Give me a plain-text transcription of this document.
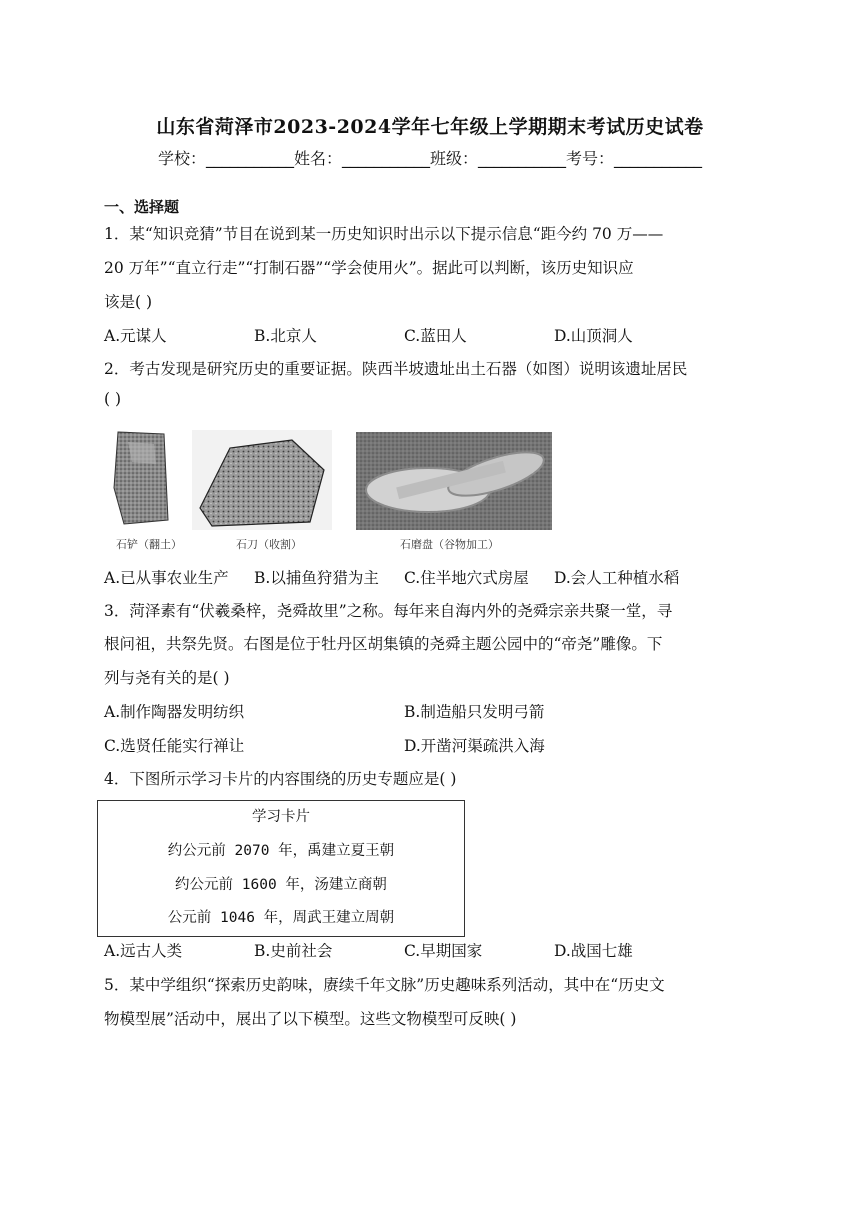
山东省菏泽市2023-2024学年七年级上学期期末考试历史试卷
学校：___________姓名：___________班级：___________考号：___________
一、选择题
1．某“知识竞猜”节目在说到某一历史知识时出示以下提示信息“距今约 70 万——
20 万年”“直立行走”“打制石器”“学会使用火”。据此可以判断，该历史知识应
该是( )
A.元谋人	B.北京人	C.蓝田人	D.山顶洞人
2．考古发现是研究历史的重要证据。陕西半坡遗址出土石器（如图）说明该遗址居民
( )
石铲（翻土）	石刀（收割）	石磨盘（谷物加工）
A.已从事农业生产 B.以捕鱼狩猎为主 C.住半地穴式房屋 D.会人工种植水稻
3．菏泽素有“伏羲桑梓，尧舜故里”之称。每年来自海内外的尧舜宗亲共聚一堂，寻
根问祖，共祭先贤。右图是位于牡丹区胡集镇的尧舜主题公园中的“帝尧”雕像。下
列与尧有关的是( )
A.制作陶器发明纺织	B.制造船只发明弓箭
C.选贤任能实行禅让	D.开凿河渠疏洪入海
4．下图所示学习卡片的内容围绕的历史专题应是( )
学习卡片
约公元前 2070 年，禹建立夏王朝
约公元前 1600 年，汤建立商朝
公元前 1046 年，周武王建立周朝
A.远古人类	B.史前社会	C.早期国家	D.战国七雄
5．某中学组织“探索历史韵味，赓续千年文脉”历史趣味系列活动，其中在“历史文
物模型展”活动中，展出了以下模型。这些文物模型可反映( )
